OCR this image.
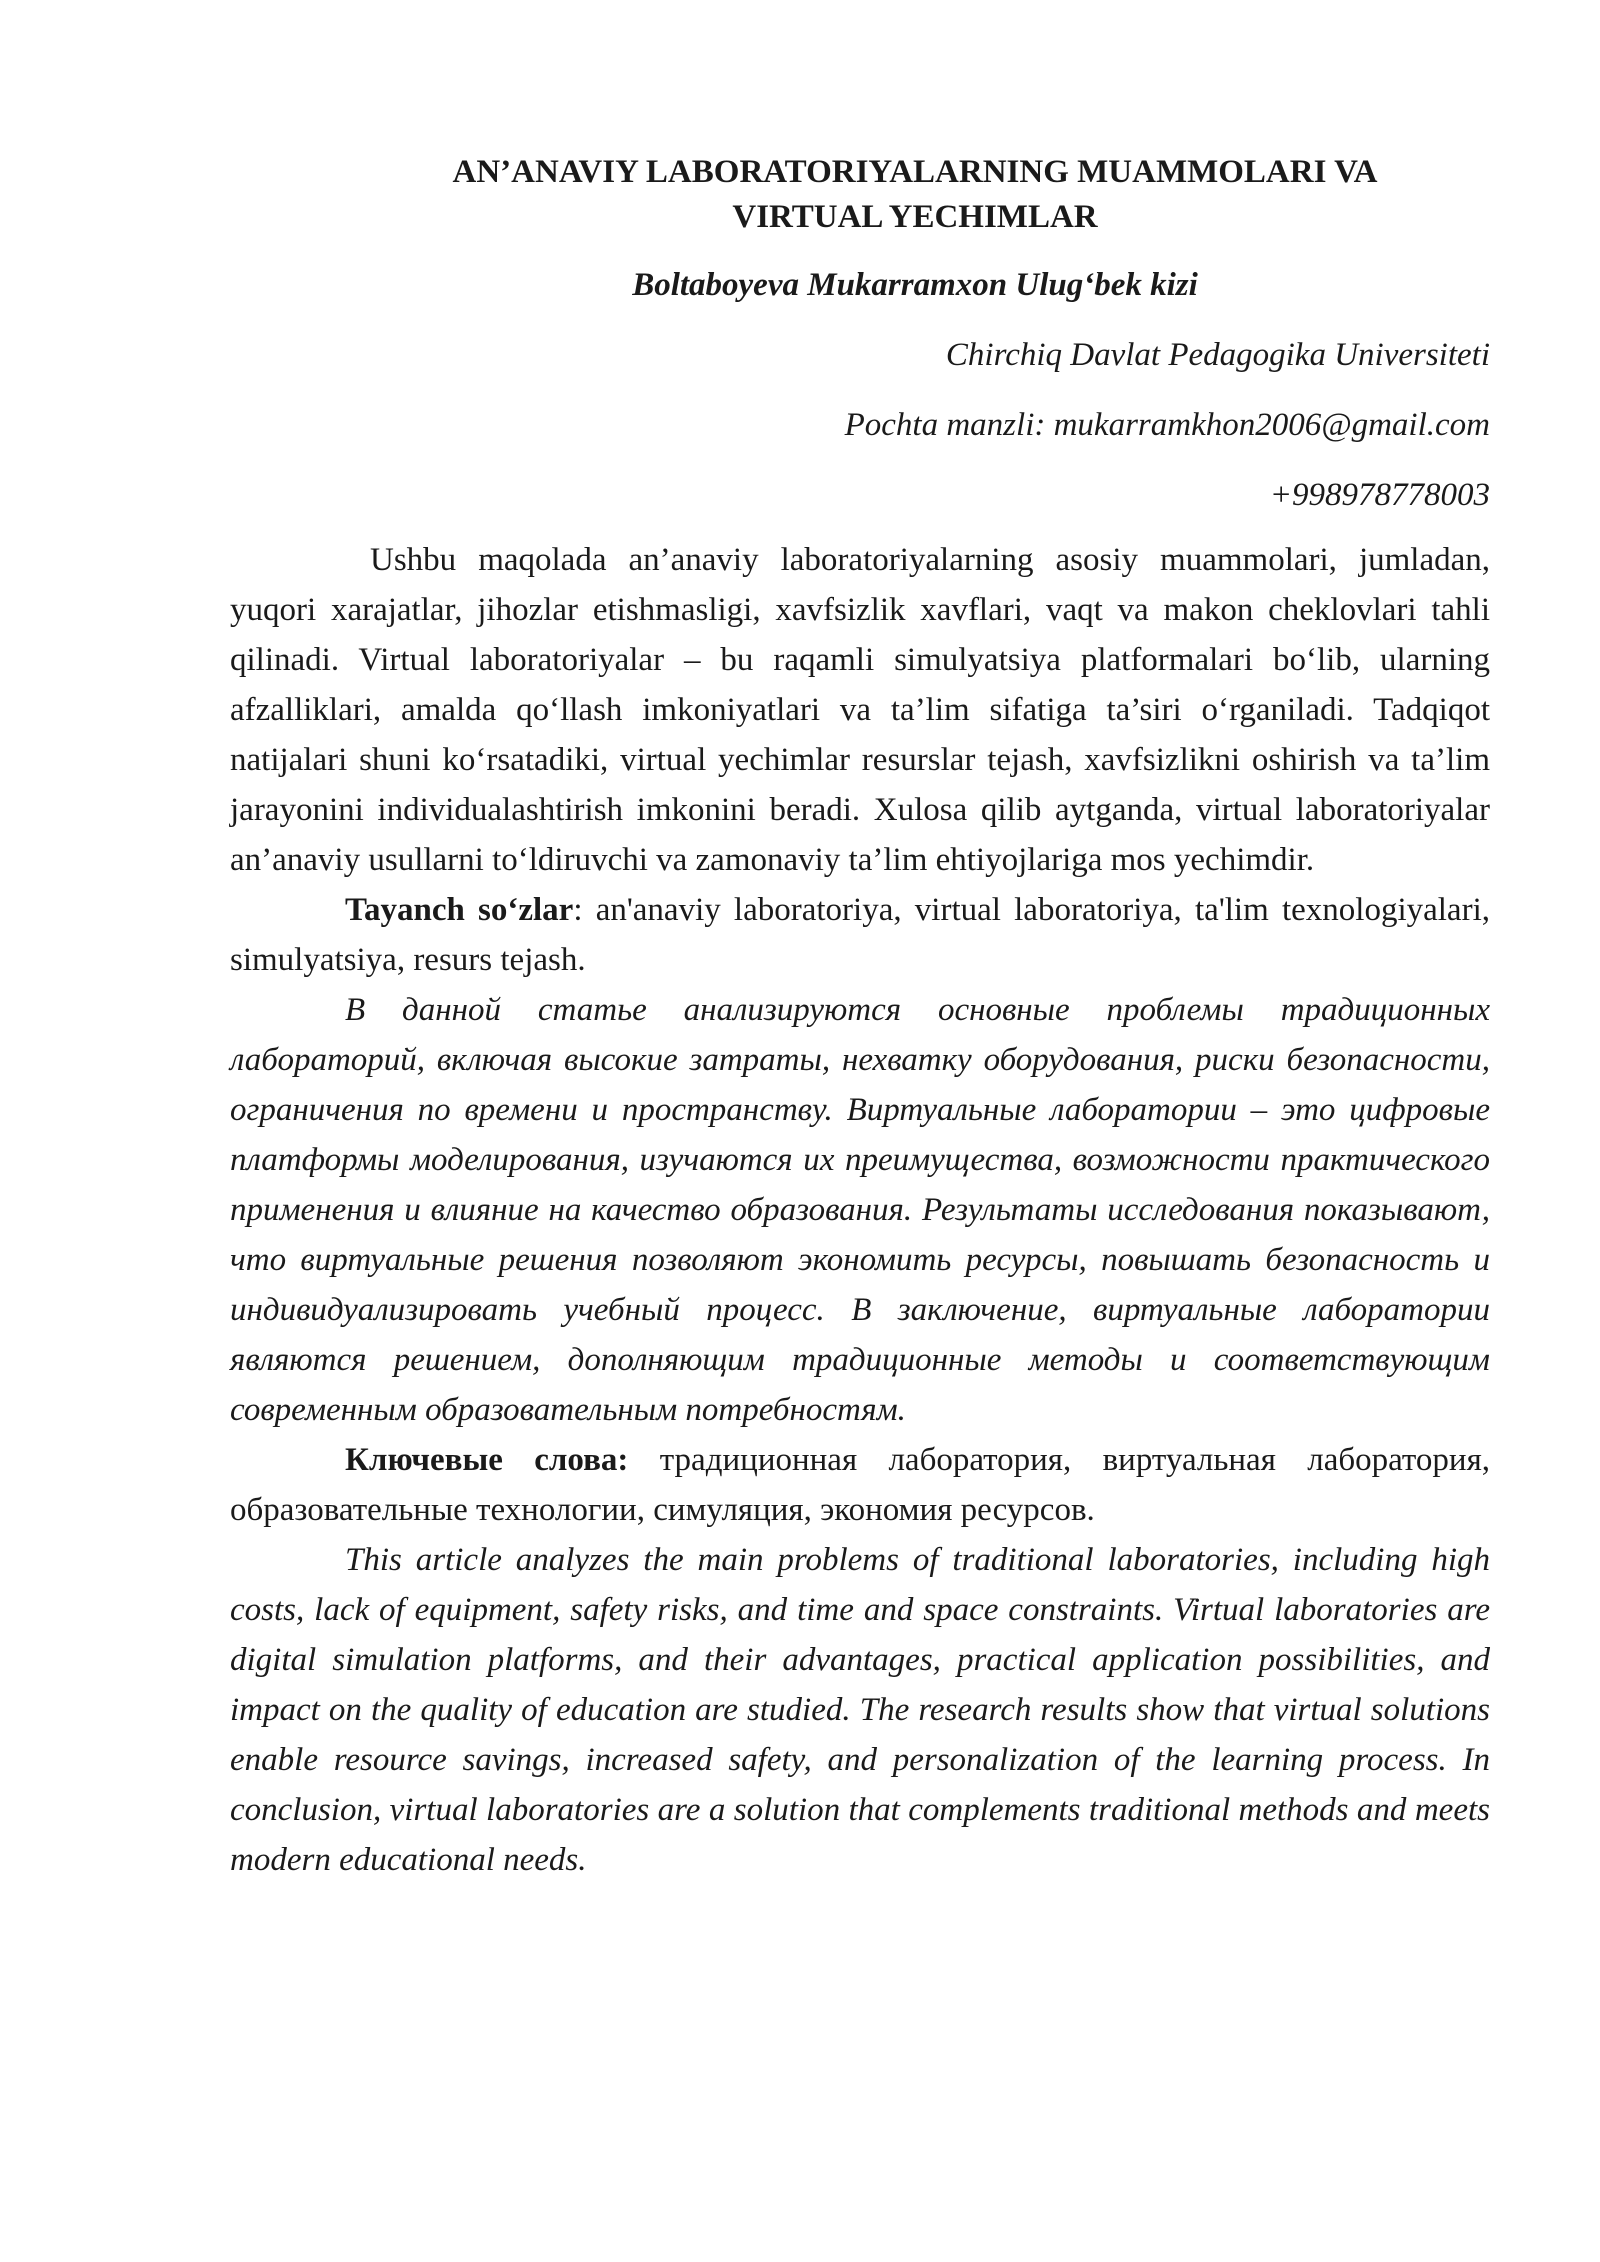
AN’ANAVIY LABORATORIYALARNING MUAMMOLARI VA
VIRTUAL YECHIMLAR
Boltaboyeva Mukarramxon Ulug‘bek kizi
Chirchiq Davlat Pedagogika Universiteti
Pochta manzli: mukarramkhon2006@gmail.com
+998978778003

Ushbu maqolada an’anaviy laboratoriyalarning asosiy muammolari, jumladan, yuqori xarajatlar, jihozlar etishmasligi, xavfsizlik xavflari, vaqt va makon cheklovlari tahli qilinadi. Virtual laboratoriyalar – bu raqamli simulyatsiya platformalari bo‘lib, ularning afzalliklari, amalda qo‘llash imkoniyatlari va ta’lim sifatiga ta’siri o‘rganiladi. Tadqiqot natijalari shuni ko‘rsatadiki, virtual yechimlar resurslar tejash, xavfsizlikni oshirish va ta’lim jarayonini individualashtirish imkonini beradi. Xulosa qilib aytganda, virtual laboratoriyalar an’anaviy usullarni to‘ldiruvchi va zamonaviy ta’lim ehtiyojlariga mos yechimdir.

Tayanch so‘zlar: an'anaviy laboratoriya, virtual laboratoriya, ta'lim texnologiyalari, simulyatsiya, resurs tejash.

В данной статье анализируются основные проблемы традиционных лабораторий, включая высокие затраты, нехватку оборудования, риски безопасности, ограничения по времени и пространству. Виртуальные лаборатории – это цифровые платформы моделирования, изучаются их преимущества, возможности практического применения и влияние на качество образования. Результаты исследования показывают, что виртуальные решения позволяют экономить ресурсы, повышать безопасность и индивидуализировать учебный процесс. В заключение, виртуальные лаборатории являются решением, дополняющим традиционные методы и соответствующим современным образовательным потребностям.

Ключевые слова: традиционная лаборатория, виртуальная лаборатория, образовательные технологии, симуляция, экономия ресурсов.

This article analyzes the main problems of traditional laboratories, including high costs, lack of equipment, safety risks, and time and space constraints. Virtual laboratories are digital simulation platforms, and their advantages, practical application possibilities, and impact on the quality of education are studied. The research results show that virtual solutions enable resource savings, increased safety, and personalization of the learning process. In conclusion, virtual laboratories are a solution that complements traditional methods and meets modern educational needs.
